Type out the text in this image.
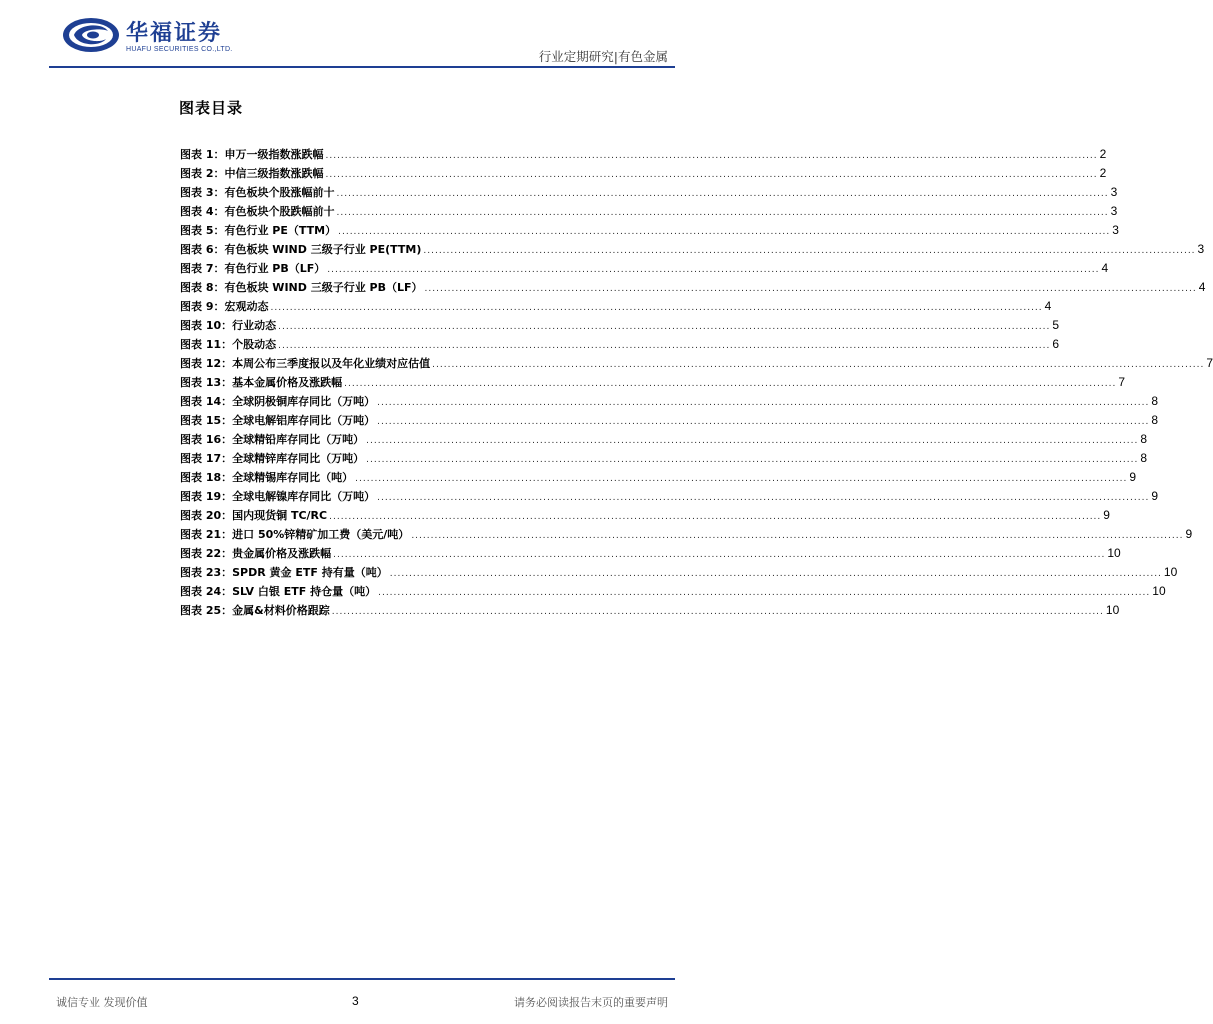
华福证券
HUAFU SECURITIES CO.,LTD.	行业定期研究|有色金属
图表目录
图表 1：申万一级指数涨跌幅 ........................................................................................................................................................................................................ 2
图表 2：中信三级指数涨跌幅 ........................................................................................................................................................................................................ 2
图表 3：有色板块个股涨幅前十 ........................................................................................................................................................................................................ 3
图表 4：有色板块个股跌幅前十 ........................................................................................................................................................................................................ 3
图表 5：有色行业 PE（TTM） ........................................................................................................................................................................................................ 3
图表 6：有色板块 WIND 三级子行业 PE(TTM) ........................................................................................................................................................................................................ 3
图表 7：有色行业 PB（LF） ........................................................................................................................................................................................................ 4
图表 8：有色板块 WIND 三级子行业 PB（LF） ........................................................................................................................................................................................................ 4
图表 9：宏观动态 ........................................................................................................................................................................................................ 4
图表 10：行业动态 ........................................................................................................................................................................................................ 5
图表 11：个股动态 ........................................................................................................................................................................................................ 6
图表 12：本周公布三季度报以及年化业绩对应估值 ........................................................................................................................................................................................................ 7
图表 13：基本金属价格及涨跌幅 ........................................................................................................................................................................................................ 7
图表 14：全球阴极铜库存同比（万吨） ........................................................................................................................................................................................................ 8
图表 15：全球电解铝库存同比（万吨） ........................................................................................................................................................................................................ 8
图表 16：全球精铅库存同比（万吨） ........................................................................................................................................................................................................ 8
图表 17：全球精锌库存同比（万吨） ........................................................................................................................................................................................................ 8
图表 18：全球精锡库存同比（吨） ........................................................................................................................................................................................................ 9
图表 19：全球电解镍库存同比（万吨） ........................................................................................................................................................................................................ 9
图表 20：国内现货铜 TC/RC ........................................................................................................................................................................................................ 9
图表 21：进口 50%锌精矿加工费（美元/吨） ........................................................................................................................................................................................................ 9
图表 22：贵金属价格及涨跌幅 ........................................................................................................................................................................................................ 10
图表 23：SPDR 黄金 ETF 持有量（吨） ........................................................................................................................................................................................................ 10
图表 24：SLV 白银 ETF 持仓量（吨） ........................................................................................................................................................................................................ 10
图表 25：金属&材料价格跟踪 ........................................................................................................................................................................................................ 10
诚信专业 发现价值	3	请务必阅读报告末页的重要声明
